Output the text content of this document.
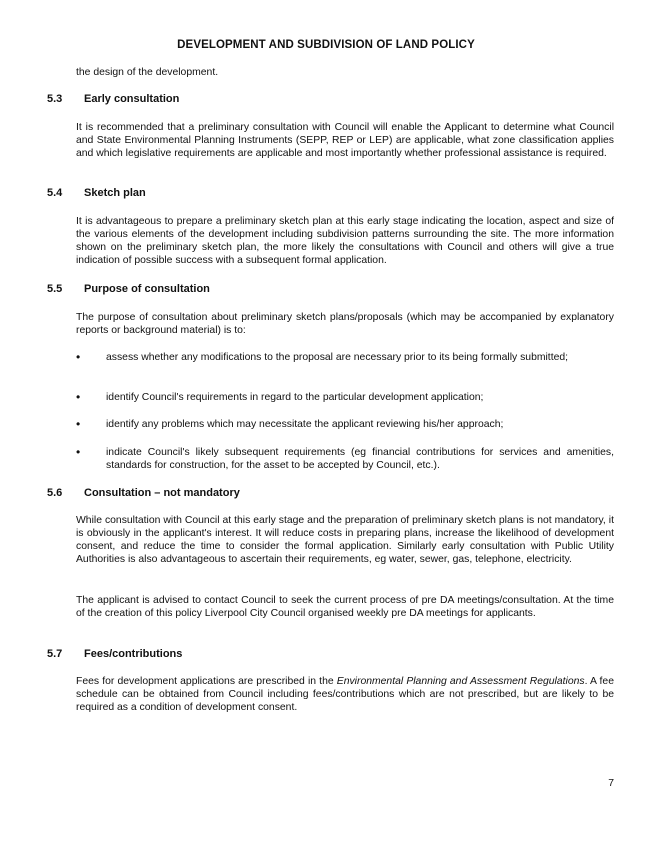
DEVELOPMENT AND SUBDIVISION OF LAND POLICY
the design of the development.
5.3 Early consultation
It is recommended that a preliminary consultation with Council will enable the Applicant to determine what Council and State Environmental Planning Instruments (SEPP, REP or LEP) are applicable, what zone classification applies and which legislative requirements are applicable and most importantly whether professional assistance is required.
5.4 Sketch plan
It is advantageous to prepare a preliminary sketch plan at this early stage indicating the location, aspect and size of the various elements of the development including subdivision patterns surrounding the site. The more information shown on the preliminary sketch plan, the more likely the consultations with Council and others will give a true indication of possible success with a subsequent formal application.
5.5 Purpose of consultation
The purpose of consultation about preliminary sketch plans/proposals (which may be accompanied by explanatory reports or background material) is to:
• assess whether any modifications to the proposal are necessary prior to its being formally submitted;
• identify Council's requirements in regard to the particular development application;
• identify any problems which may necessitate the applicant reviewing his/her approach;
• indicate Council's likely subsequent requirements (eg financial contributions for services and amenities, standards for construction, for the asset to be accepted by Council, etc.).
5.6 Consultation – not mandatory
While consultation with Council at this early stage and the preparation of preliminary sketch plans is not mandatory, it is obviously in the applicant's interest. It will reduce costs in preparing plans, increase the likelihood of development consent, and reduce the time to consider the formal application. Similarly early consultation with Public Utility Authorities is also advantageous to ascertain their requirements, eg water, sewer, gas, telephone, electricity.
The applicant is advised to contact Council to seek the current process of pre DA meetings/consultation. At the time of the creation of this policy Liverpool City Council organised weekly pre DA meetings for applicants.
5.7 Fees/contributions
Fees for development applications are prescribed in the Environmental Planning and Assessment Regulations. A fee schedule can be obtained from Council including fees/contributions which are not prescribed, but are likely to be required as a condition of development consent.
7
